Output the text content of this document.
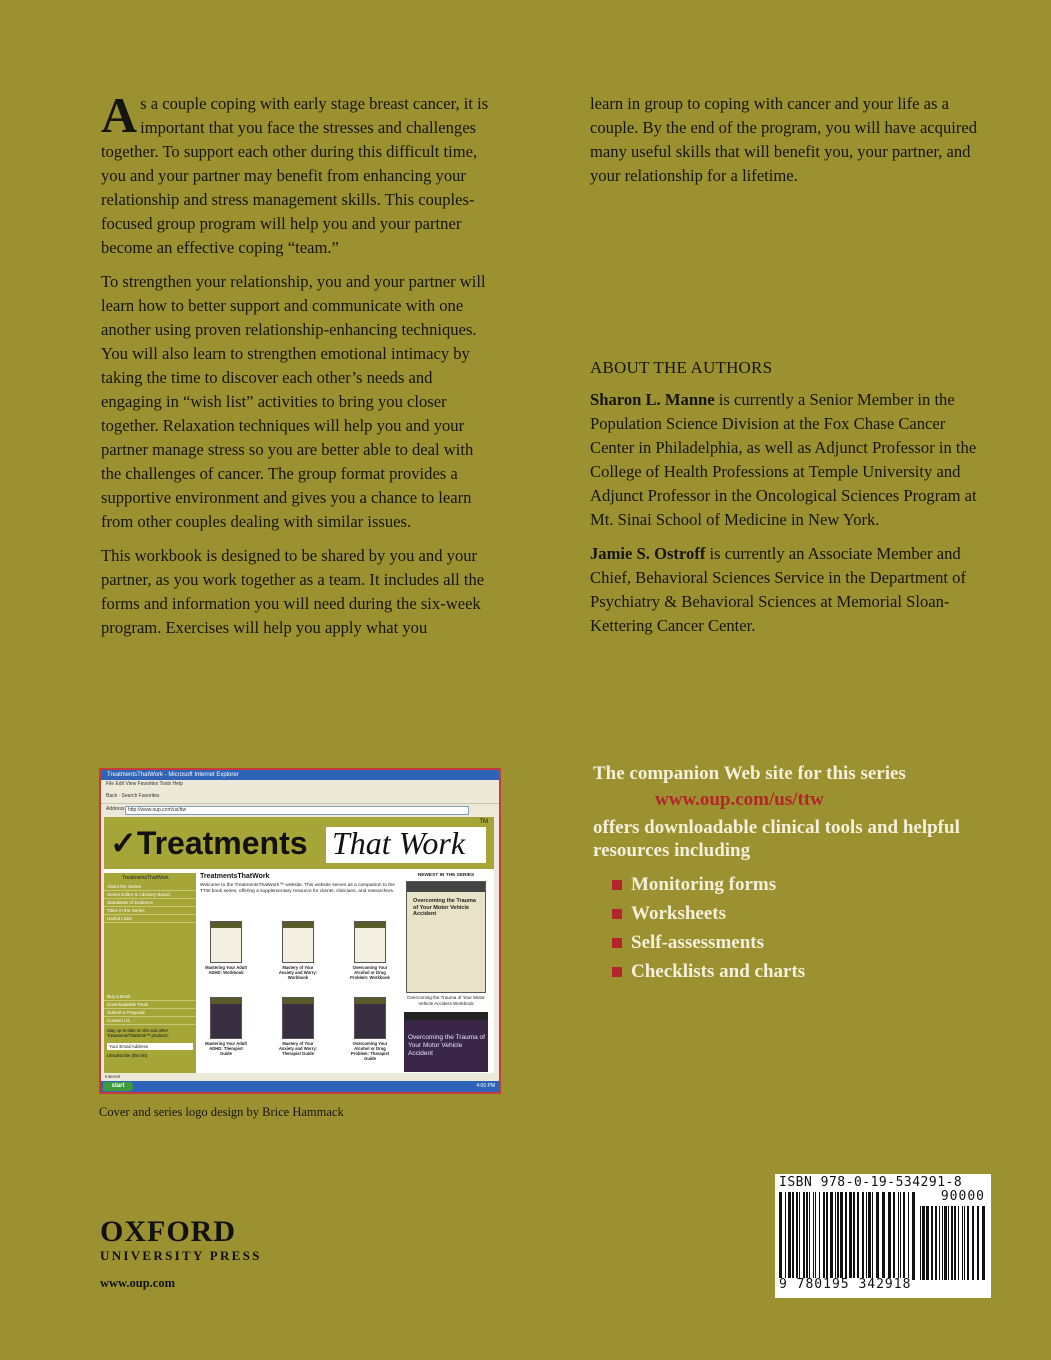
As a couple coping with early stage breast cancer, it is important that you face the stresses and challenges together. To support each other during this difficult time, you and your partner may benefit from enhancing your relationship and stress management skills. This couples-focused group program will help you and your partner become an effective coping “team.”

To strengthen your relationship, you and your partner will learn how to better support and communicate with one another using proven relationship-enhancing techniques. You will also learn to strengthen emotional intimacy by taking the time to discover each other’s needs and engaging in “wish list” activities to bring you closer together. Relaxation techniques will help you and your partner manage stress so you are better able to deal with the challenges of cancer. The group format provides a supportive environment and gives you a chance to learn from other couples dealing with similar issues.

This workbook is designed to be shared by you and your partner, as you work together as a team. It includes all the forms and information you will need during the six-week program. Exercises will help you apply what you

learn in group to coping with cancer and your life as a couple. By the end of the program, you will have acquired many useful skills that will benefit you, your partner, and your relationship for a lifetime.

ABOUT THE AUTHORS

Sharon L. Manne is currently a Senior Member in the Population Science Division at the Fox Chase Cancer Center in Philadelphia, as well as Adjunct Professor in the College of Health Professions at Temple University and Adjunct Professor in the Oncological Sciences Program at Mt. Sinai School of Medicine in New York.

Jamie S. Ostroff is currently an Associate Member and Chief, Behavioral Sciences Service in the Department of Psychiatry & Behavioral Sciences at Memorial Sloan-Kettering Cancer Center.

TreatmentsThatWork - Microsoft Internet Explorer
File Edit View Favorites Tools Help
Back · Search Favorites
Address http://www.oup.com/us/ttw
✓Treatments That Work
TM
TreatmentsThatWork
About the Series
Series Editor & Advisory Board
Standards of Evidence
Titles in the Series
Useful Links
Buy a Book
Downloadable Tools
Submit a Proposal
Contact Us
Stay up-to-date on this and other TreatmentsThatWork™ products:
Your Email Address
Unsubscribe (this list)
TreatmentsThatWork
Welcome to the TreatmentsThatWork™ website. This website serves as a companion to the TTW book series, offering a supplementary resource for clients, clinicians, and researchers.
Mastering Your Adult ADHD: Workbook
Mastery of Your Anxiety and Worry: Workbook
Overcoming Your Alcohol or Drug Problem: Workbook
Mastering Your Adult ADHD: Therapist Guide
Mastery of Your Anxiety and Worry: Therapist Guide
Overcoming Your Alcohol or Drug Problem: Therapist Guide
NEWEST IN THE SERIES
Overcoming the Trauma of Your Motor Vehicle Accident
Overcoming the Trauma of Your Motor Vehicle Accident Workbook
Overcoming the Trauma of Your Motor Vehicle Accident
Internet
start	4:00 PM
Cover and series logo design by Brice Hammack
The companion Web site for this series
www.oup.com/us/ttw
offers downloadable clinical tools and helpful resources including
Monitoring forms
Worksheets
Self-assessments
Checklists and charts
OXFORD
UNIVERSITY PRESS
www.oup.com
ISBN 978-0-19-534291-8
90000
9 780195 342918
